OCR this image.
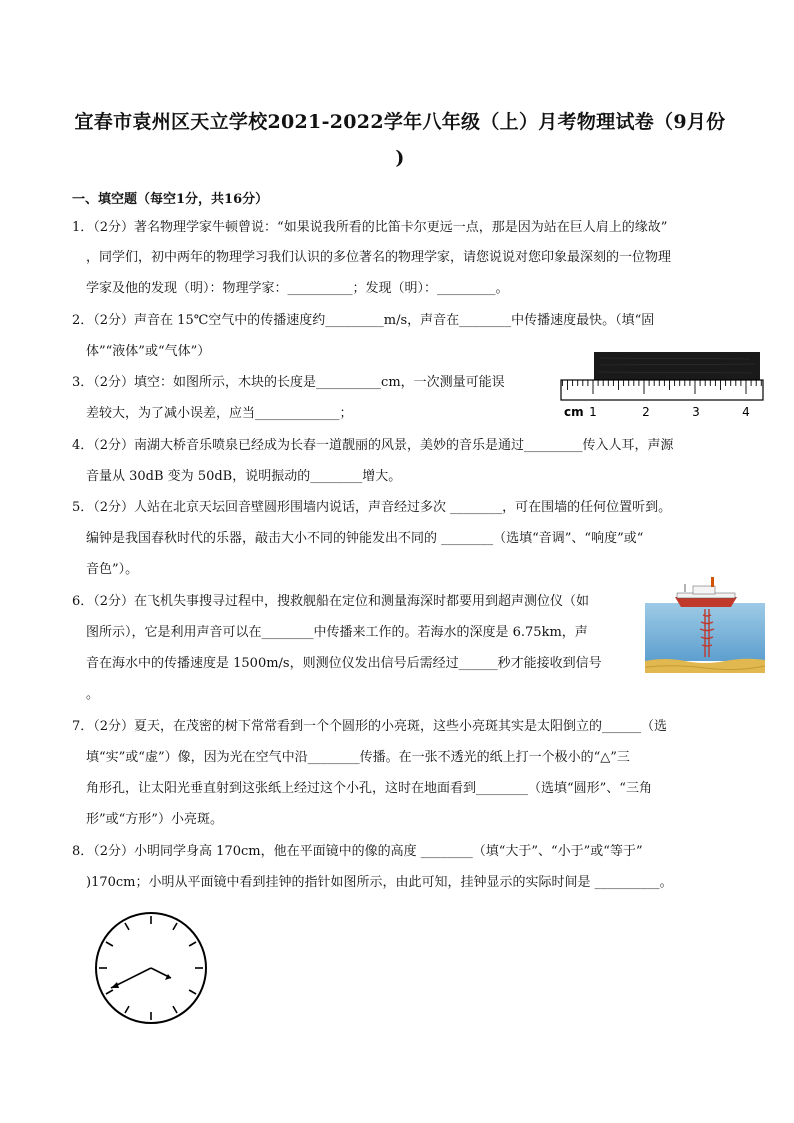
宜春市袁州区天立学校2021-2022学年八年级（上）月考物理试卷（9月份
)
一、填空题（每空1分，共16分）
1．（2分）著名物理学家牛顿曾说：“如果说我所看的比笛卡尔更远一点，那是因为站在巨人肩上的缘故”
，同学们，初中两年的物理学习我们认识的多位著名的物理学家，请您说说对您印象最深刻的一位物理
学家及他的发现（明）：物理学家：__________；发现（明）：_________。
2．（2分）声音在 15℃空气中的传播速度约_________m/s，声音在________中传播速度最快。（填“固
体”“液体”或“气体”）
3．（2分）填空：如图所示，木块的长度是__________cm，一次测量可能误
差较大，为了减小误差，应当_____________；
4．（2分）南湖大桥音乐喷泉已经成为长春一道靓丽的风景，美妙的音乐是通过_________传入人耳，声源
音量从 30dB 变为 50dB，说明振动的________增大。
5．（2分）人站在北京天坛回音壁圆形围墙内说话，声音经过多次 ________，可在围墙的任何位置听到。
编钟是我国春秋时代的乐器，敲击大小不同的钟能发出不同的 ________（选填“音调”、“响度”或“
音色”）。
6．（2分）在飞机失事搜寻过程中，搜救舰船在定位和测量海深时都要用到超声测位仪（如
图所示），它是利用声音可以在________中传播来工作的。若海水的深度是 6.75km，声
音在海水中的传播速度是 1500m/s，则测位仪发出信号后需经过______秒才能接收到信号
。
7．（2分）夏天，在茂密的树下常常看到一个个圆形的小亮斑，这些小亮斑其实是太阳倒立的______（选
填“实”或“虚”）像，因为光在空气中沿________传播。在一张不透光的纸上打一个极小的“△”三
角形孔，让太阳光垂直射到这张纸上经过这个小孔，这时在地面看到________（选填“圆形”、“三角
形”或“方形”）小亮斑。
8．（2分）小明同学身高 170cm，他在平面镜中的像的高度 ________（填“大于”、“小于”或“等于”
)170cm；小明从平面镜中看到挂钟的指针如图所示，由此可知，挂钟显示的实际时间是 __________。
cm 1	2	3	4
